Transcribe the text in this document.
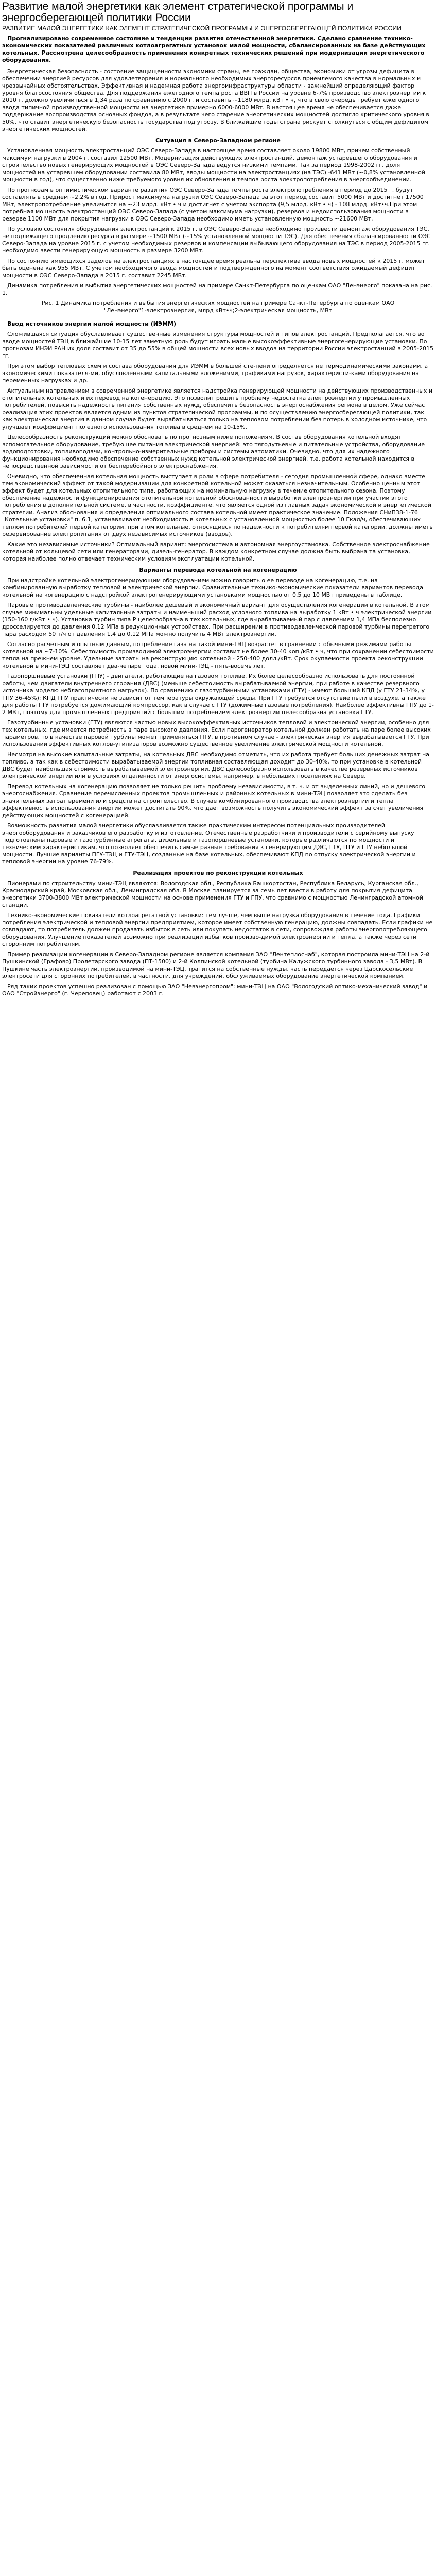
Развитие малой энергетики как элемент стратегической программы и энергосберегающей политики России
РАЗВИТИЕ МАЛОЙ ЭНЕРГЕТИКИ КАК ЭЛЕМЕНТ СТРАТЕГИЧЕСКОЙ ПРОГРАММЫ И ЭНЕРГОСБЕРЕГАЮЩЕЙ ПОЛИТИКИ РОССИИ

Прогнализировано современное состояние и тенденции развития отечественной энергетики. Сделано сравнение технико-экономических показателей различных котлоагрегатных установок малой мощности, сбалансированных на базе действующих котельных. Рассмотрена целесообразность применения конкретных технических решений при модернизации энергетического оборудования.

Энергетическая безопасность - состояние защищенности экономики страны, ее граждан, общества, экономики от угрозы дефицита в обеспечении энергией ресурсов для удовлетворения и нормального необходимых энергоресурсов приемлемого качества в нормальных и чрезвычайных обстоятельствах. Эффективная и надежная работа энергоинфраструктуры области - важнейший определяющий фактор уровня благосостояния общества. Для поддержания ежегодного темпа роста ВВП в России на уровне 6-7% производство электроэнергии к 2010 г. должно увеличиться в 1,34 раза по сравнению с 2000 г. и составить ~1180 млрд. кВт • ч, что в свою очередь требует ежегодного ввода типичной производственной мощности на энергетике примерно 6000-6000 МВт. В настоящее время не обеспечивается даже поддержание воспроизводства основных фондов, а в результате чего старение энергетических мощностей достигло критического уровня в 50%, что ставит энергетическую безопасность государства под угрозу. В ближайшие годы страна рискует столкнуться с общим дефицитом энергетических мощностей.

Ситуация в Северо-Западном регионе

Установленная мощность электростанций ОЭС Северо-Запада в настоящее время составляет около 19800 МВт, причем собственный максимум нагрузки в 2004 г. составил 12500 МВт. Модернизация действующих электростанций, демонтаж устаревшего оборудования и строительство новых генерирующих мощностей в ОЭС Северо-Запада ведутся низкими темпами. Так за период 1998-2002 гг. доля мощностей на устаревшем оборудовании составила 80 МВт, вводы мощности на электростанциях (на ТЭС) -641 МВт (~0,8% установленной мощности в год), что существенно ниже требуемого уровня их обновления и темпов роста электропотребления в энергообъединении.

По прогнозам в оптимистическом варианте развития ОЭС Северо-Запада темпы роста электропотребления в период до 2015 г. будут составлять в среднем ~2,2% в год. Прирост максимума нагрузки ОЭС Северо-Запада за этот период составит 5000 МВт и достигнет 17500 МВт, электропотребление увеличится на ~23 млрд. кВт • ч и достигнет с учетом экспорта (9,5 млрд. кВт • ч) - 108 млрд. кВт•ч.При этом потребная мощность электростанций ОЭС Северо-Запада (с учетом максимума нагрузки), резервов и недоиспользования мощности в резерве 1100 МВт для покрытия нагрузки в ОЭС Северо-Запада необходимо иметь установленную мощность ~21600 МВт.

По условию состояния оборудования электростанций к 2015 г. в ОЭС Северо-Запада необходимо произвести демонтаж оборудования ТЭС, не подлежащего продлению ресурса в размере ~1500 МВт (~15% установленной мощности ТЭС). Для обеспечения сбалансированности ОЭС Северо-Запада на уровне 2015 г. с учетом необходимых резервов и компенсации выбывающего оборудования на ТЭС в период 2005-2015 гг. необходимо ввести генерирующую мощность в размере 3200 МВт.

По состоянию имеющихся заделов на электростанциях в настоящее время реальна перспектива ввода новых мощностей к 2015 г. может быть оценена как 955 МВт. С учетом необходимого ввода мощностей и подтвержденного на момент соответствия ожидаемый дефицит мощности в ОЭС Северо-Запада в 2015 г. составит 2245 МВт.

Динамика потребления и выбытия энергетических мощностей на примере Санкт-Петербурга по оценкам ОАО "Ленэнерго" показана на рис. 1.

Рис. 1 Динамика потребления и выбытия энергетических мощностей на примере Санкт-Петербурга по оценкам ОАО "Ленэнерго"1-электроэнергия, млрд кВт•ч;2-электрическая мощность, МВт
Ввод источников энергии малой мощности (ИЭММ)

Сложившаяся ситуация обуславливает существенные изменения структуры мощностей и типов электростанций. Предполагается, что во вводе мощностей ТЭЦ в ближайшие 10-15 лет заметную роль будут играть малые высокоэффективные энергогенерирующие установки. По прогнозам ИНЭИ РАН их доля составит от 35 до 55% в общей мощности всех новых вводов на территории России электростанций в 2005-2015 гг.

При этом выбор тепловых схем и состава оборудования для ИЭММ в большей сте-пени определяется не термодинамическими законами, а экономическими показателя-ми, обусловленными капитальными вложениями, графиками нагрузок, характеристи-ками оборудования на переменных нагрузках и др.

Актуальным направлением в современной энергетике является надстройка генерирующей мощности на действующих производственных и отопительных котельных и их перевод на когенерацию. Это позволит решить проблему недостатка электроэнергии у промышленных потребителей, повысить надежность питания собственных нужд, обеспечить безопасность энергоснабжения региона в целом. Уже сейчас реализация этих проектов является одним из пунктов стратегической программы, и по осуществлению энергосберегающей политики, так как электрическая энергия в данном случае будет вырабатываться только на тепловом потреблении без потерь в холодном источнике, что улучшает коэффициент полезного использования топлива в среднем на 10-15%.

Целесообразность реконструкций можно обосновать по прогнозным ниже положениям. В состав оборудования котельной входят вспомогательное оборудование, требующее питания электрической энергией: это тягодутьевые и питательные устройства, оборудование водоподготовки, топливоподачи, контрольно-измерительные приборы и системы автоматики. Очевидно, что для их надежного функционирования необходимо обеспечение собственных нужд котельной электрической энергией, т.е. работа котельной находится в непосредственной зависимости от бесперебойного электроснабжения.

Очевидно, что обеспеченная котельная мощность выступает в роли в сфере потребителя - сегодня промышленной сфере, однако вместе тем экономический эффект от такой модернизации для конкретной котельной может оказаться незначительным. Особенно ценным этот эффект будет для котельных отопительного типа, работающих на номинальную нагрузку в течение отопительного сезона. Поэтому обеспечение надежности функционирования отопительной котельной обоснованности выработки электроэнергии при участии этого потребления в дополнительной системе, в частности, коэффициенте, что является одной из главных задач экономической и энергетической стратегии. Анализ обоснования и определения оптимального состава котельной имеет практическое значение. Положения СНиП38-1-76 "Котельные установки" п. 6.1, устанавливают необходимость в котельных с установленной мощностью более 10 Гкал/ч, обеспечивающих теплом потребителей первой категории, при этом котельные, относящиеся по надежности к потребителям первой категории, должны иметь резервирование электропитания от двух независимых источников (вводов).

Какие это независимые источники? Оптимальный вариант: энергосистема и автономная энергоустановка. Собственное электроснабжение котельной от кольцевой сети или генераторами, дизель-генератор. В каждом конкретном случае должна быть выбрана та установка, которая наиболее полно отвечает техническим условиям эксплуатации котельной.

Варианты перевода котельной на когенерацию

При надстройке котельной электрогенерирующим оборудованием можно говорить о ее переводе на когенерацию, т.е. на комбинированную выработку тепловой и электрической энергии. Сравнительные технико-экономические показатели вариантов перевода котельной на когенерацию с надстройкой электрогенерирующими установками мощностью от 0,5 до 10 МВт приведены в таблице.

Паровые противодавленческие турбины - наиболее дешевый и экономичный вариант для осуществления когенерации в котельной. В этом случае минимальны удельные капитальные затраты и наименьший расход условного топлива на выработку 1 кВт • ч электрической энергии (150-160 г/кВт • ч). Установка турбин типа Р целесообразна в тех котельных, где вырабатываемый пар с давлением 1,4 МПа бесполезно дросселируется до давления 0,12 МПа в редукционных устройствах. При расширении в противодавленческой паровой турбины перегретого пара расходом 50 т/ч от давления 1,4 до 0,12 МПа можно получить 4 МВт электроэнергии.

Согласно расчетным и опытным данным, потребление газа на такой мини-ТЭЦ возрастет в сравнении с обычными режимами работы котельной на ~7-10%. Себестоимость производимой электроэнергии составит не более 30-40 коп./кВт • ч, что при сохранении себестоимости тепла на прежнем уровне. Удельные затраты на реконструкцию котельной - 250-400 долл./кВт. Срок окупаемости проекта реконструкции котельной в мини-ТЭЦ составляет два-четыре года, новой мини-ТЭЦ - пять-восемь лет.

Газопоршневые установки (ГПУ) - двигатели, работающие на газовом топливе. Их более целесообразно использовать для постоянной работы, чем двигатели внутреннего сгорания (ДВС) (меньше себестоимость вырабатываемой энергии, при работе в качестве резервного источника моделю неблагоприятного нагрузок). По сравнению с газотурбинными установками (ГТУ) - имеют больший КПД (у ГТУ 21-34%, у ГПУ 36-45%); КПД ГПУ практически не зависит от температуры окружающей среды. При ГТУ требуется отсутствие пыли в воздухе, а также для работы ГТУ потребуется дожимающий компрессор, как в случае с ГТУ (дожимные газовые потребления). Наиболее эффективны ГПУ до 1-2 МВт, поэтому для промышленных предприятий с большим потреблением электроэнергии целесообразна установка ГТУ.

Газотурбинные установки (ГТУ) являются частью новых высокоэффективных источников тепловой и электрической энергии, особенно для тех котельных, где имеется потребность в паре высокого давления. Если парогенератор котельной должен работать на паре более высоких параметров, то в качестве паровой турбины может применяться ПТУ, в противном случае - электрическая энергия вырабатывается ГТУ. При использовании эффективных котлов-утилизаторов возможно существенное увеличение электрической мощности котельной.

Несмотря на высокие капитальные затраты, на котельных ДВС необходимо отметить, что их работа требует больших денежных затрат на топливо, а так как в себестоимости вырабатываемой энергии топливная составляющая доходит до 30-40%, то при установке в котельной ДВС будет наибольшая стоимость вырабатываемой электроэнергии. ДВС целесообразно использовать в качестве резервных источников электрической энергии или в условиях отдаленности от энергосистемы, например, в небольших поселениях на Севере.

Перевод котельных на когенерацию позволяет не только решить проблему независимости, в т. ч. и от выделенных линий, но и дешевого энергоснабжения. Сравнение перечисленных проектов промышленных и районных котельных в мини-ТЭЦ позволяет это сделать без значительных затрат времени или средств на строительство. В случае комбинированного производства электроэнергии и тепла эффективность использования энергии может достигать 90%, что дает возможность получить экономический эффект за счет увеличения действующих мощностей с когенерацией.

Возможность развития малой энергетики обуславливается также практическим интересом потенциальных производителей энергооборудования и заказчиков его разработку и изготовление. Отечественные разработчики и производители с серийному выпуску подготовлены паровые и газотурбинные агрегаты, дизельные и газопоршневые установки, которые различаются по мощности и техническим характеристикам, что позволяет обеспечить самые разные требования к генерирующим ДЭС, ГТУ, ПТУ и ГТУ небольшой мощности. Лучшие варианты ПГУ-ТЭЦ и ГТУ-ТЭЦ, созданные на базе котельных, обеспечивают КПД по отпуску электрической энергии и тепловой энергии на уровне 76-79%.

Реализация проектов по реконструкции котельных

Пионерами по строительству мини-ТЭЦ являются: Вологодская обл., Республика Башкортостан, Республика Беларусь, Курганская обл., Краснодарский край, Московская обл., Ленинградская обл. В Москве планируется за семь лет ввести в работу для покрытия дефицита энергетики 3700-3800 МВт электрической мощности на основе применения ГТУ и ГПУ, что сравнимо с мощностью Ленинградской атомной станции.

Технико-экономические показатели котлоагрегатной установки: тем лучше, чем выше нагрузка оборудования в течение года. Графики потребления электрической и тепловой энергии предприятием, которое имеет собственную генерацию, должны совпадать. Если графики не совпадают, то потребитель должен продавать избыток в сеть или покупать недостаток в сети, сопровождая работы энергопотребляющего оборудования. Улучшение показателей возможно при реализации избытков произво-димой электроэнергии и тепла, а также через сети сторонним потребителям.

Пример реализации когенерации в Северо-Западном регионе является компания ЗАО "Лентеплоснаб", которая построила мини-ТЭЦ на 2-й Пушкинской (Графово) Пролетарского завода (ПТ-1500) и 2-й Колпинской котельной (турбина Калужского турбинного завода - 3,5 МВт). В Пушкине часть электроэнергии, производимой на мини-ТЭЦ, тратится на собственные нужды, часть передается через Царскосельские электросети для сторонних потребителей, в частности, для учреждений, обслуживаемых оборудование энергетической компанией.

Ряд таких проектов успешно реализован с помощью ЗАО "Невэнергопром": мини-ТЭЦ на ОАО "Вологодский оптико-механический завод" и ОАО "Стройэнерго" (г. Череповец) работают с 2003 г.
